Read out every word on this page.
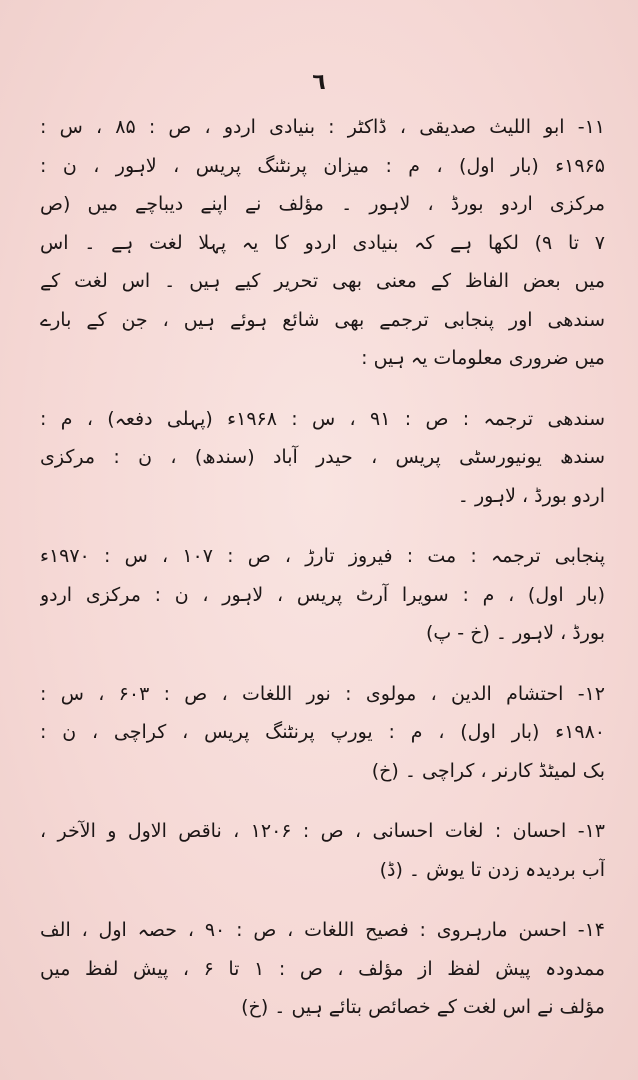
٦
۱۱- ابو اللیث صدیقی ، ڈاکٹر : بنیادی اردو ، ص : ۸۵ ، س :
۱۹۶۵ء (بار اول) ، م : میزان پرنٹنگ پریس ، لاہور ، ن :
مرکزی اردو بورڈ ، لاہور ۔ مؤلف نے اپنے دیباچے میں (ص
۷ تا ۹) لکھا ہے کہ بنیادی اردو کا یہ پہلا لغت ہے ۔ اس
میں بعض الفاظ کے معنی بھی تحریر کیے ہیں ۔ اس لغت کے
سندھی اور پنجابی ترجمے بھی شائع ہوئے ہیں ، جن کے بارے
میں ضروری معلومات یہ ہیں :
سندھی ترجمہ : ص : ۹۱ ، س : ۱۹۶۸ء (پہلی دفعہ) ، م :
سندھ یونیورسٹی پریس ، حیدر آباد (سندھ) ، ن : مرکزی
اردو بورڈ ، لاہور ۔
پنجابی ترجمہ : مت : فیروز تارڑ ، ص : ۱۰۷ ، س : ۱۹۷۰ء
(بار اول) ، م : سویرا آرٹ پریس ، لاہور ، ن : مرکزی اردو
بورڈ ، لاہور ۔ (خ - پ)
۱۲- احتشام الدین ، مولوی : نور اللغات ، ص : ۶۰۳ ، س :
۱۹۸۰ء (بار اول) ، م : یورپ پرنٹنگ پریس ، کراچی ، ن :
بک لمیٹڈ کارنر ، کراچی ۔ (خ)
۱۳- احسان : لغات احسانی ، ص : ۱۲۰۶ ، ناقص الاول و الآخر ،
آب بردیدہ زدن تا یوش ۔ (ڈ)
۱۴- احسن مارہروی : فصیح اللغات ، ص : ۹۰ ، حصہ اول ، الف
ممدودہ پیش لفظ از مؤلف ، ص : ۱ تا ۶ ، پیش لفظ میں
مؤلف نے اس لغت کے خصائص بتائے ہیں ۔ (خ)
